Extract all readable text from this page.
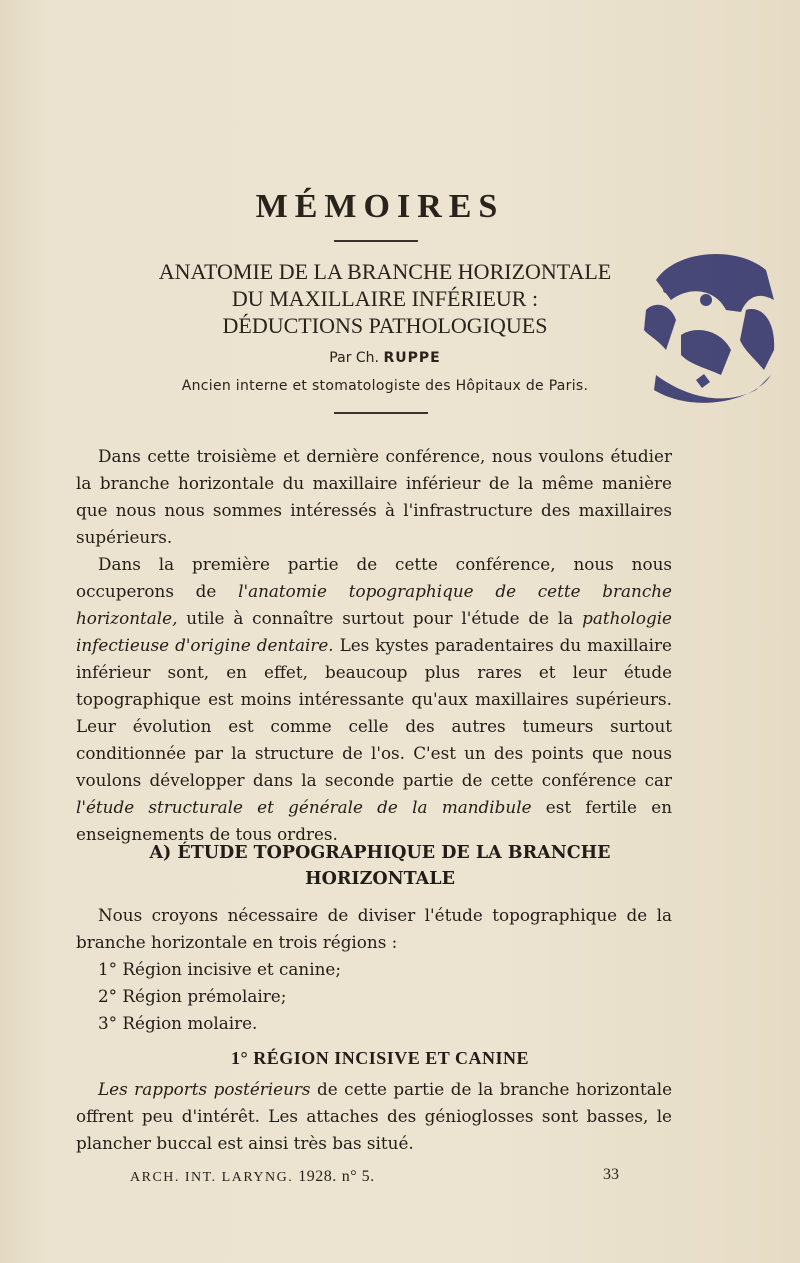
MÉMOIRES
ANATOMIE DE LA BRANCHE HORIZONTALE
DU MAXILLAIRE INFÉRIEUR :
DÉDUCTIONS PATHOLOGIQUES
Par Ch. RUPPE
Ancien interne et stomatologiste des Hôpitaux de Paris.

Dans cette troisième et dernière conférence, nous voulons étudier la branche horizontale du maxillaire inférieur de la même manière que nous nous sommes intéressés à l'infrastructure des maxillaires supérieurs.

Dans la première partie de cette conférence, nous nous occuperons de l'anatomie topographique de cette branche horizontale, utile à connaître surtout pour l'étude de la pathologie infectieuse d'origine dentaire. Les kystes paradentaires du maxillaire inférieur sont, en effet, beaucoup plus rares et leur étude topographique est moins intéressante qu'aux maxillaires supérieurs. Leur évolution est comme celle des autres tumeurs surtout conditionnée par la structure de l'os. C'est un des points que nous voulons développer dans la seconde partie de cette conférence car l'étude structurale et générale de la mandibule est fertile en enseignements de tous ordres.

A) ÉTUDE TOPOGRAPHIQUE DE LA BRANCHE
HORIZONTALE

Nous croyons nécessaire de diviser l'étude topographique de la branche horizontale en trois régions :

1° Région incisive et canine;

2° Région prémolaire;

3° Région molaire.

1° RÉGION INCISIVE ET CANINE

Les rapports postérieurs de cette partie de la branche horizontale offrent peu d'intérêt. Les attaches des génioglosses sont basses, le plancher buccal est ainsi très bas situé.

ARCH. INT. LARYNG. 1928. n° 5.	33
